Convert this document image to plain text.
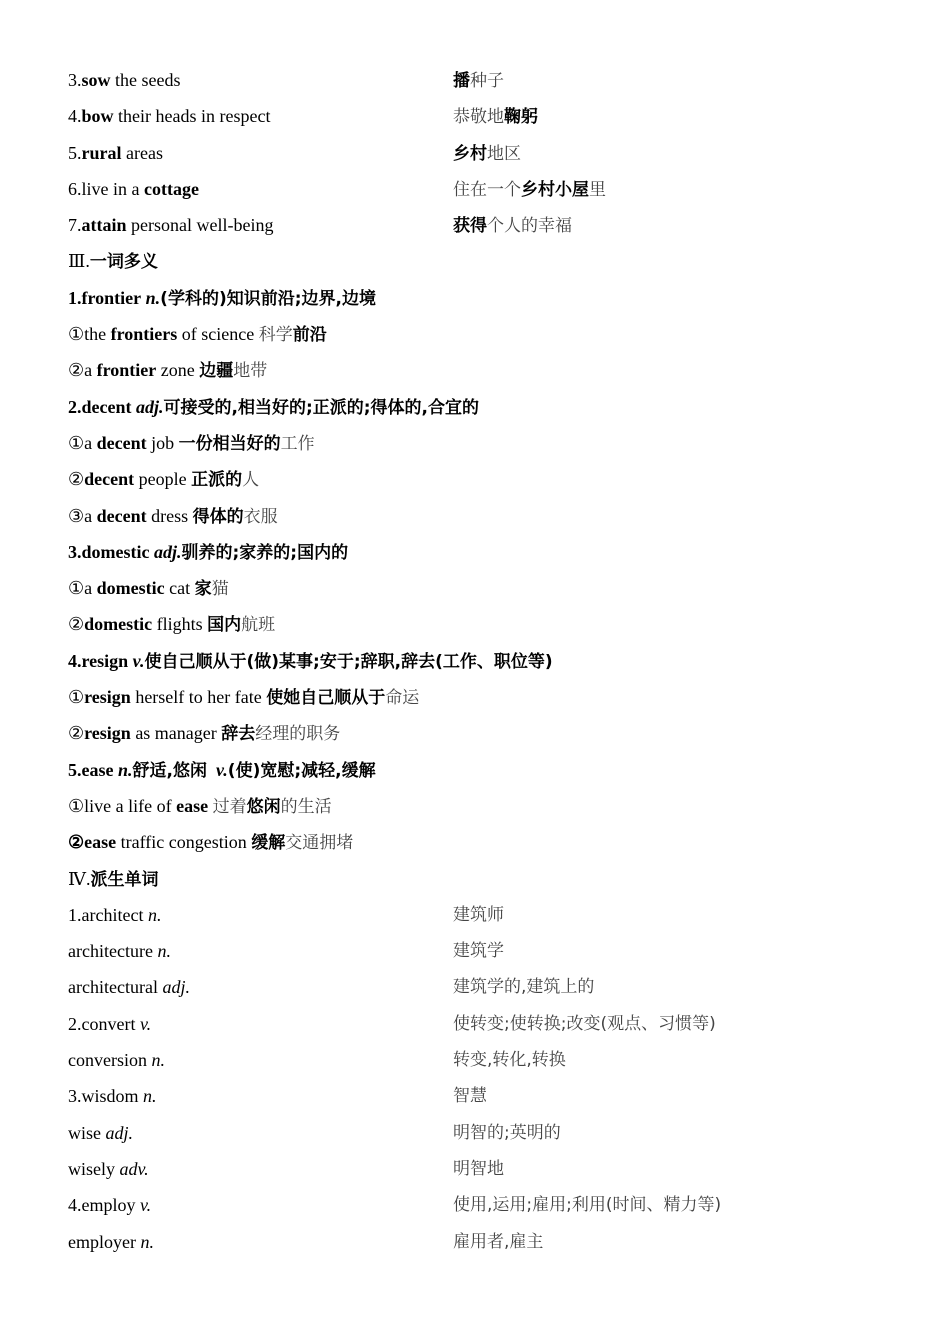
3.sow the seeds	播种子
4.bow their heads in respect	恭敬地鞠躬
5.rural areas	乡村地区
6.live in a cottage	住在一个乡村小屋里
7.attain personal well-being	获得个人的幸福
Ⅲ.一词多义
1.frontier n.(学科的)知识前沿;边界,边境
①the frontiers of science 科学前沿
②a frontier zone 边疆地带
2.decent adj.可接受的,相当好的;正派的;得体的,合宜的
①a decent job 一份相当好的工作
②decent people 正派的人
③a decent dress 得体的衣服
3.domestic adj.驯养的;家养的;国内的
①a domestic cat 家猫
②domestic flights 国内航班
4.resign v.使自己顺从于(做)某事;安于;辞职,辞去(工作、职位等)
①resign herself to her fate 使她自己顺从于命运
②resign as manager 辞去经理的职务
5.ease n.舒适,悠闲 v.(使)宽慰;减轻,缓解
①live a life of ease 过着悠闲的生活
②ease traffic congestion 缓解交通拥堵
Ⅳ.派生单词
1.architect n.	建筑师
architecture n.	建筑学
architectural adj.	建筑学的,建筑上的
2.convert v.	使转变;使转换;改变(观点、习惯等)
conversion n.	转变,转化,转换
3.wisdom n.	智慧
wise adj.	明智的;英明的
wisely adv.	明智地
4.employ v.	使用,运用;雇用;利用(时间、精力等)
employer n.	雇用者,雇主
